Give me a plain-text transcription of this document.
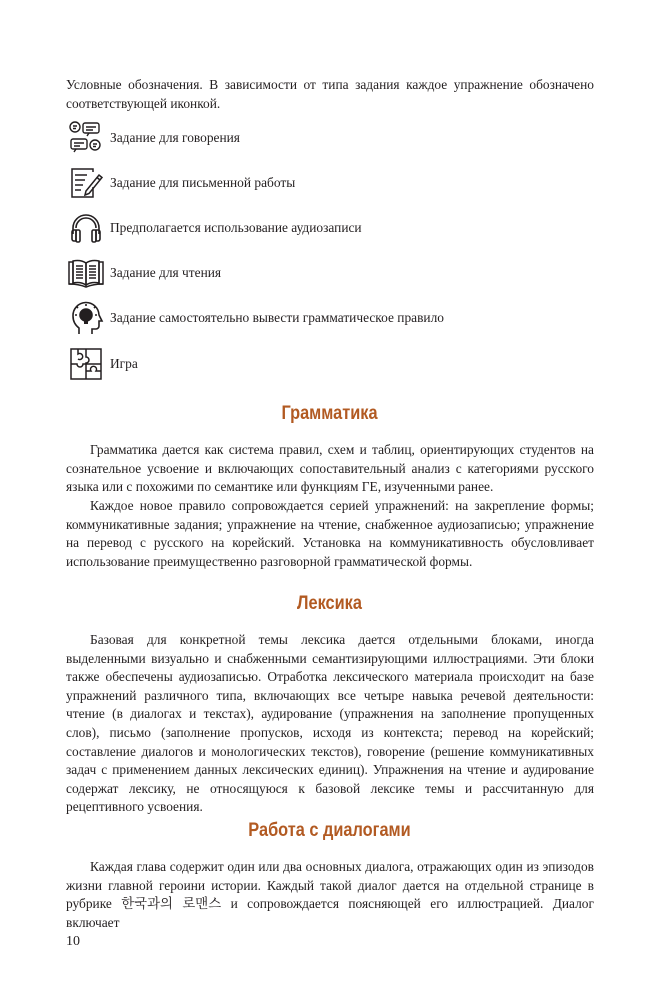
Условные обозначения. В зависимости от типа задания каждое упражнение обозначено соответствующей иконкой.
Задание для говорения
Задание для письменной работы
Предполагается использование аудиозаписи
Задание для чтения
Задание самостоятельно вывести грамматическое правило
Игра
Грамматика
Грамматика дается как система правил, схем и таблиц, ориентирующих студентов на сознательное усвоение и включающих сопоставительный анализ с категориями русского языка или с похожими по семантике или функциям ГЕ, изученными ранее.
Каждое новое правило сопровождается серией упражнений: на закрепление формы; коммуникативные задания; упражнение на чтение, снабженное аудиозаписью; упражнение на перевод с русского на корейский. Установка на коммуникативность обусловливает использование преимущественно разговорной грамматической формы.
Лексика
Базовая для конкретной темы лексика дается отдельными блоками, иногда выделенными визуально и снабженными семантизирующими иллюстрациями. Эти блоки также обеспечены аудиозаписью. Отработка лексического материала происходит на базе упражнений различного типа, включающих все четыре навыка речевой деятельности: чтение (в диалогах и текстах), аудирование (упражнения на заполнение пропущенных слов), письмо (заполнение пропусков, исходя из контекста; перевод на корейский; составление диалогов и монологических текстов), говорение (решение коммуникативных задач с применением данных лексических единиц). Упражнения на чтение и аудирование содержат лексику, не относящуюся к базовой лексике темы и рассчитанную для рецептивного усвоения.
Работа с диалогами
Каждая глава содержит один или два основных диалога, отражающих один из эпизодов жизни главной героини истории. Каждый такой диалог дается на отдельной странице в рубрике 한국과의 로맨스 и сопровождается поясняющей его иллюстрацией. Диалог включает
10
